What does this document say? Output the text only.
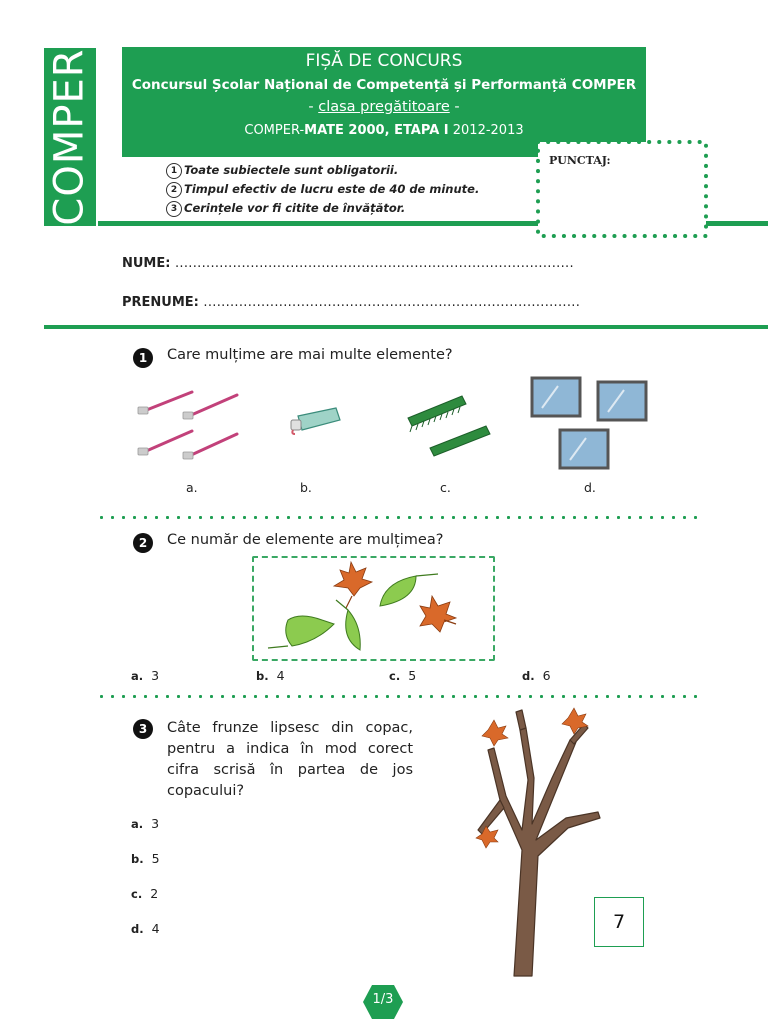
COMPER	FIȘĂ DE CONCURS
Concursul Școlar Național de Competență și Performanță COMPER
- clasa pregătitoare -
COMPER-MATE 2000, ETAPA I 2012-2013
1 Toate subiectele sunt obligatorii.
2 Timpul efectiv de lucru este de 40 de minute.
3 Cerințele vor fi citite de învățător.
PUNCTAJ:
NUME: ..........................................................................................
PRENUME: .....................................................................................
1	Care mulțime are mai multe elemente?
a.	b.	c.	d.
2	Ce număr de elemente are mulțimea?
a. 3	b. 4	c. 5	d. 6
3	Câte frunze lipsesc din copac, pentru a indica în mod corect cifra scrisă în partea de jos copacului?
a. 3
b. 5
c. 2
d. 4	7
1/3
